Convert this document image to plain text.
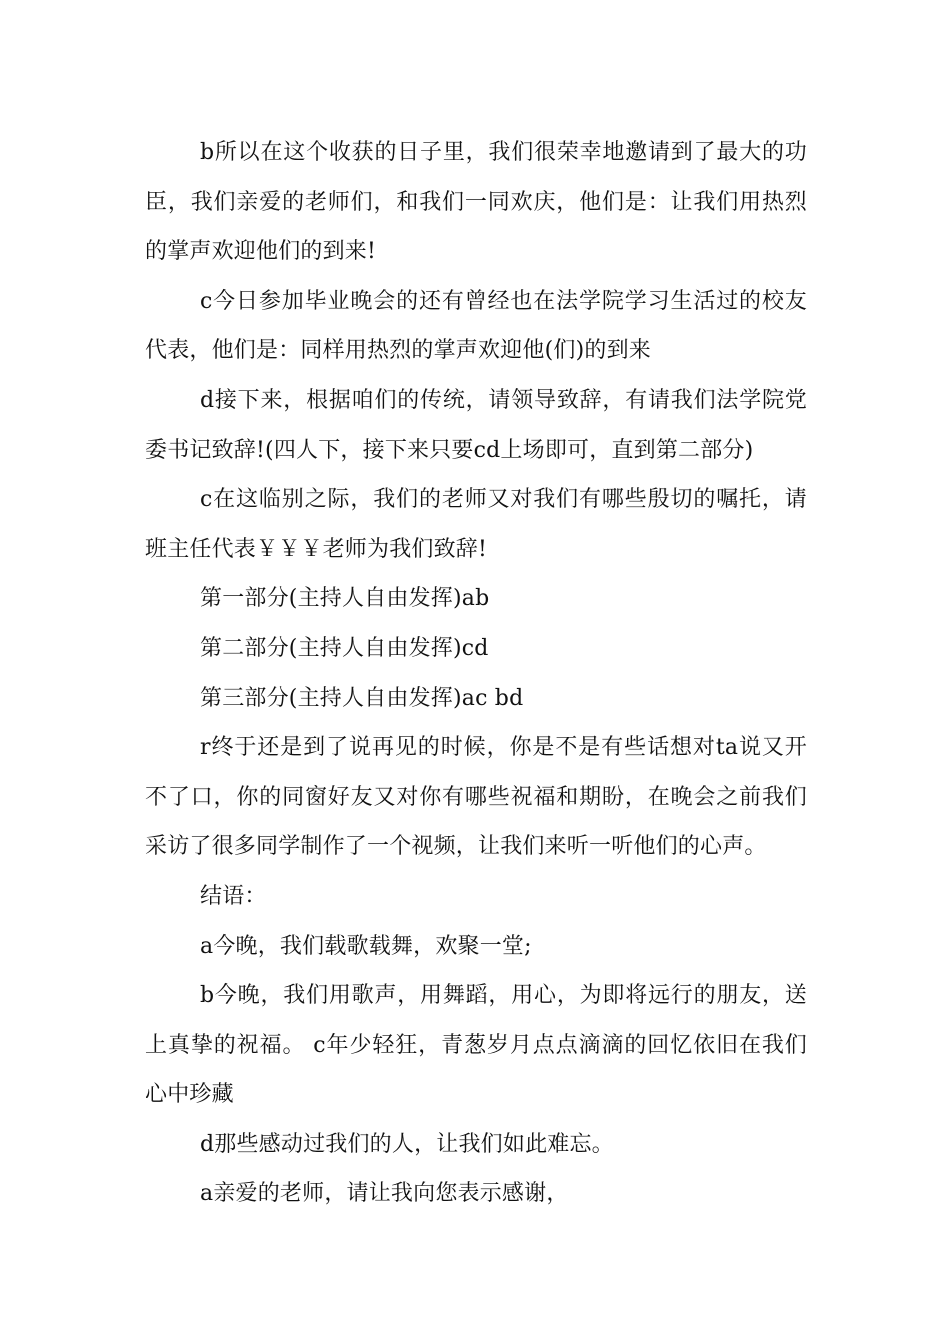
b所以在这个收获的日子里，我们很荣幸地邀请到了最大的功臣，我们亲爱的老师们，和我们一同欢庆，他们是：让我们用热烈的掌声欢迎他们的到来!

c今日参加毕业晚会的还有曾经也在法学院学习生活过的校友代表，他们是：同样用热烈的掌声欢迎他(们)的到来

d接下来，根据咱们的传统，请领导致辞，有请我们法学院党委书记致辞!(四人下，接下来只要cd上场即可，直到第二部分)

c在这临别之际，我们的老师又对我们有哪些殷切的嘱托，请班主任代表￥￥￥老师为我们致辞!

第一部分(主持人自由发挥)ab

第二部分(主持人自由发挥)cd

第三部分(主持人自由发挥)ac bd

r终于还是到了说再见的时候，你是不是有些话想对ta说又开不了口，你的同窗好友又对你有哪些祝福和期盼，在晚会之前我们采访了很多同学制作了一个视频，让我们来听一听他们的心声。

结语：

a今晚，我们载歌载舞，欢聚一堂;

b今晚，我们用歌声，用舞蹈，用心，为即将远行的朋友，送上真挚的祝福。 c年少轻狂，青葱岁月点点滴滴的回忆依旧在我们心中珍藏

d那些感动过我们的人，让我们如此难忘。

a亲爱的老师，请让我向您表示感谢，
